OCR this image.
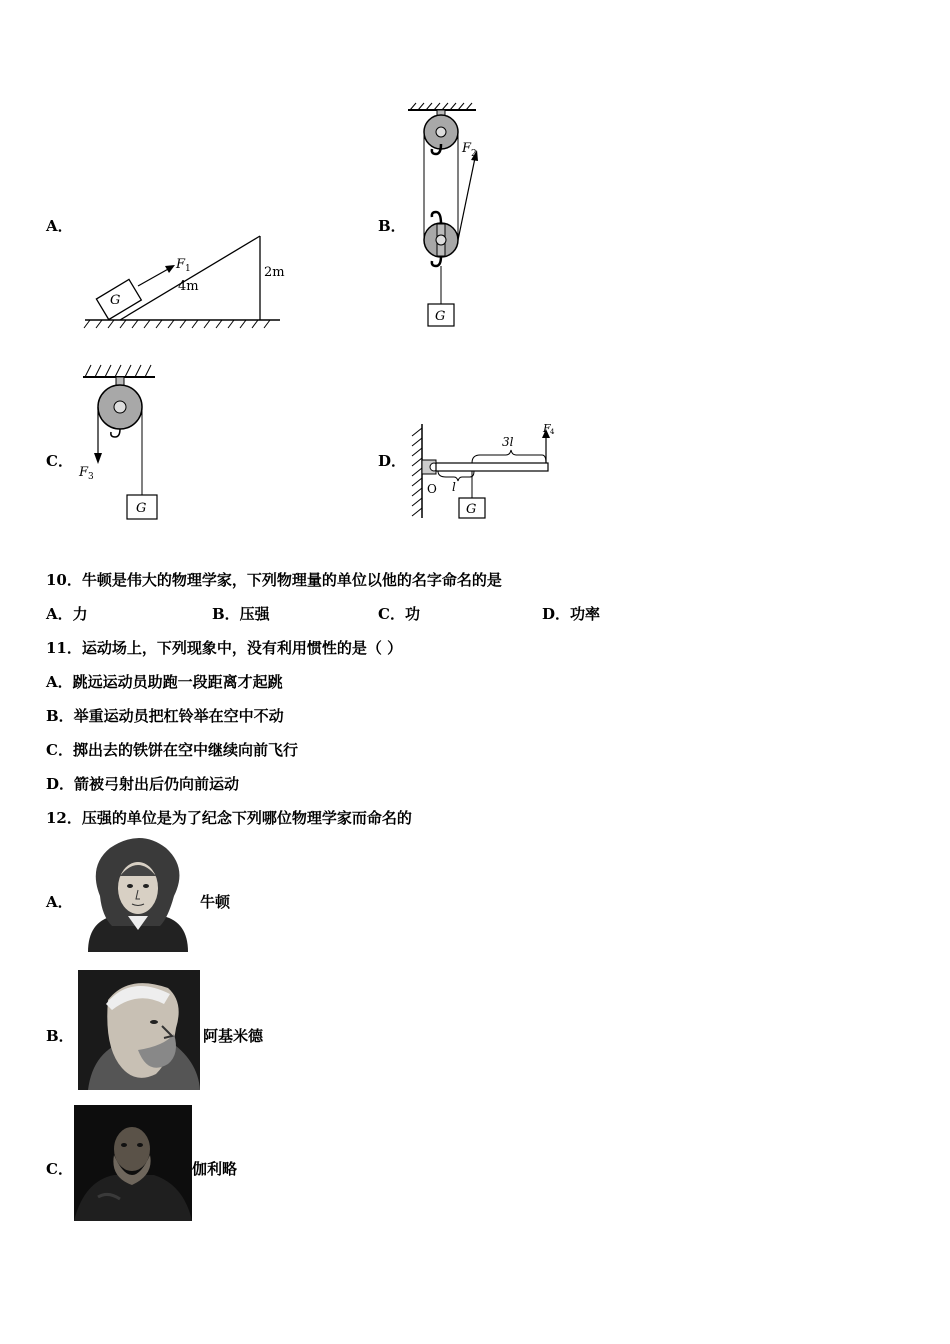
A．
G
F 1
4m
2m
B．
F 2
G
C．
F 3
G
D．
F 4
3l
l
O
G
10．牛顿是伟大的物理学家，下列物理量的单位以他的名字命名的是
A．力	B．压强	C．功	D．功率
11．运动场上，下列现象中，没有利用惯性的是（ ）
A．跳远运动员助跑一段距离才起跳
B．举重运动员把杠铃举在空中不动
C．掷出去的铁饼在空中继续向前飞行
D．箭被弓射出后仍向前运动
12．压强的单位是为了纪念下列哪位物理学家而命名的
A．	牛顿
B．	阿基米德
C．	伽利略
